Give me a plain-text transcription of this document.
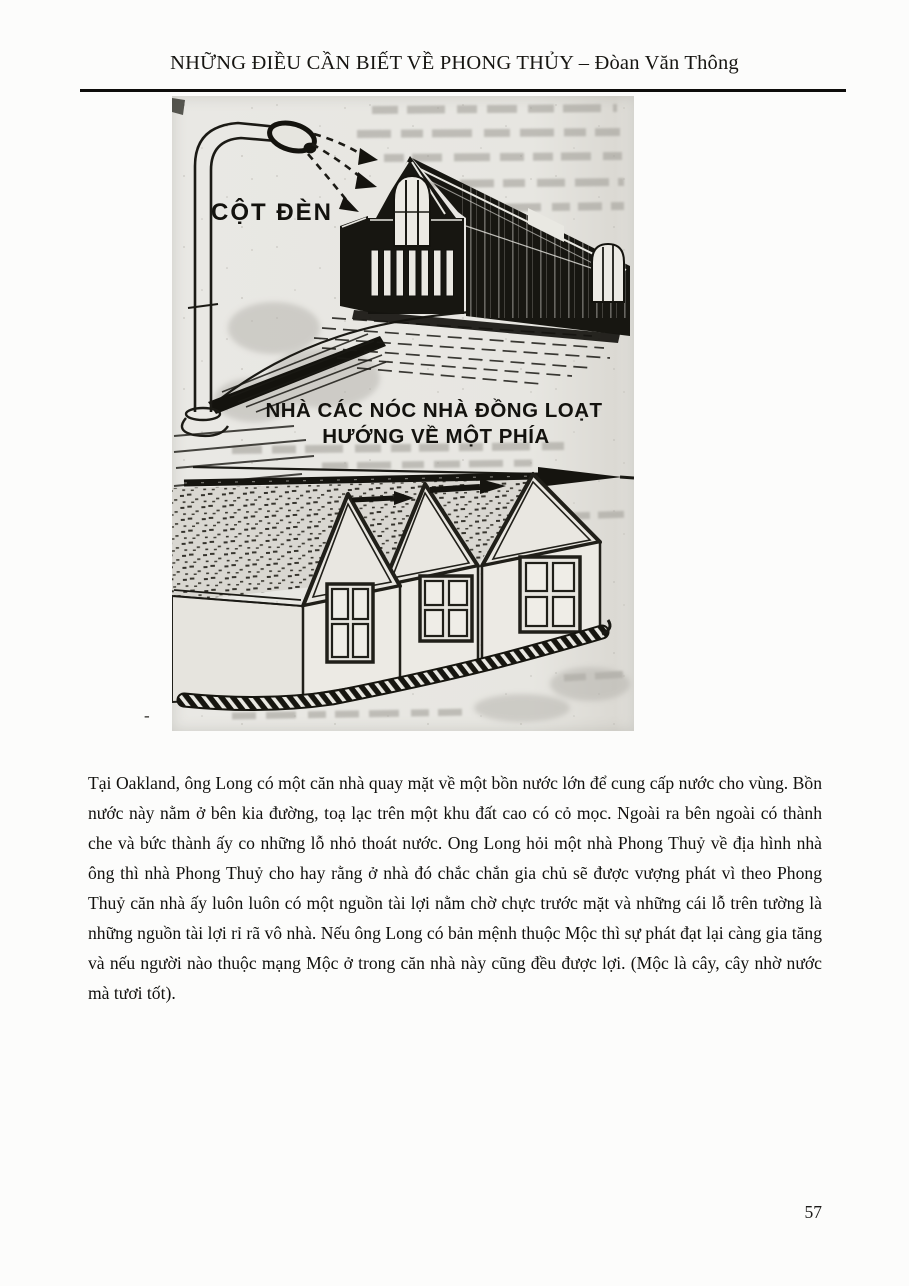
NHỮNG ĐIỀU CẦN BIẾT VỀ PHONG THỦY – Đòan Văn Thông
CỘT ĐÈN
NHÀ CÁC NÓC NHÀ ĐỒNG LOẠT
HƯỚNG VỀ MỘT PHÍA
-

Tại Oakland, ông Long có một căn nhà quay mặt về một bồn nước lớn để cung cấp nước cho vùng. Bồn nước này nằm ở bên kia đường, toạ lạc trên một khu đất cao có cỏ mọc. Ngoài ra bên ngoài có thành che và bức thành ấy co những lỗ nhỏ thoát nước. Ong Long hỏi một nhà Phong Thuỷ về địa hình nhà ông thì nhà Phong Thuỷ cho hay rằng ở nhà đó chắc chắn gia chủ sẽ được vượng phát vì theo Phong Thuỷ căn nhà ấy luôn luôn có một nguồn tài lợi nằm chờ chực trước mặt và những cái lỗ trên tường là những nguồn tài lợi rỉ rã vô nhà. Nếu ông Long có bản mệnh thuộc Mộc thì sự phát đạt lại càng gia tăng và nếu người nào thuộc mạng Mộc ở trong căn nhà này cũng đều được lợi. (Mộc là cây, cây nhờ nước mà tươi tốt).

57
